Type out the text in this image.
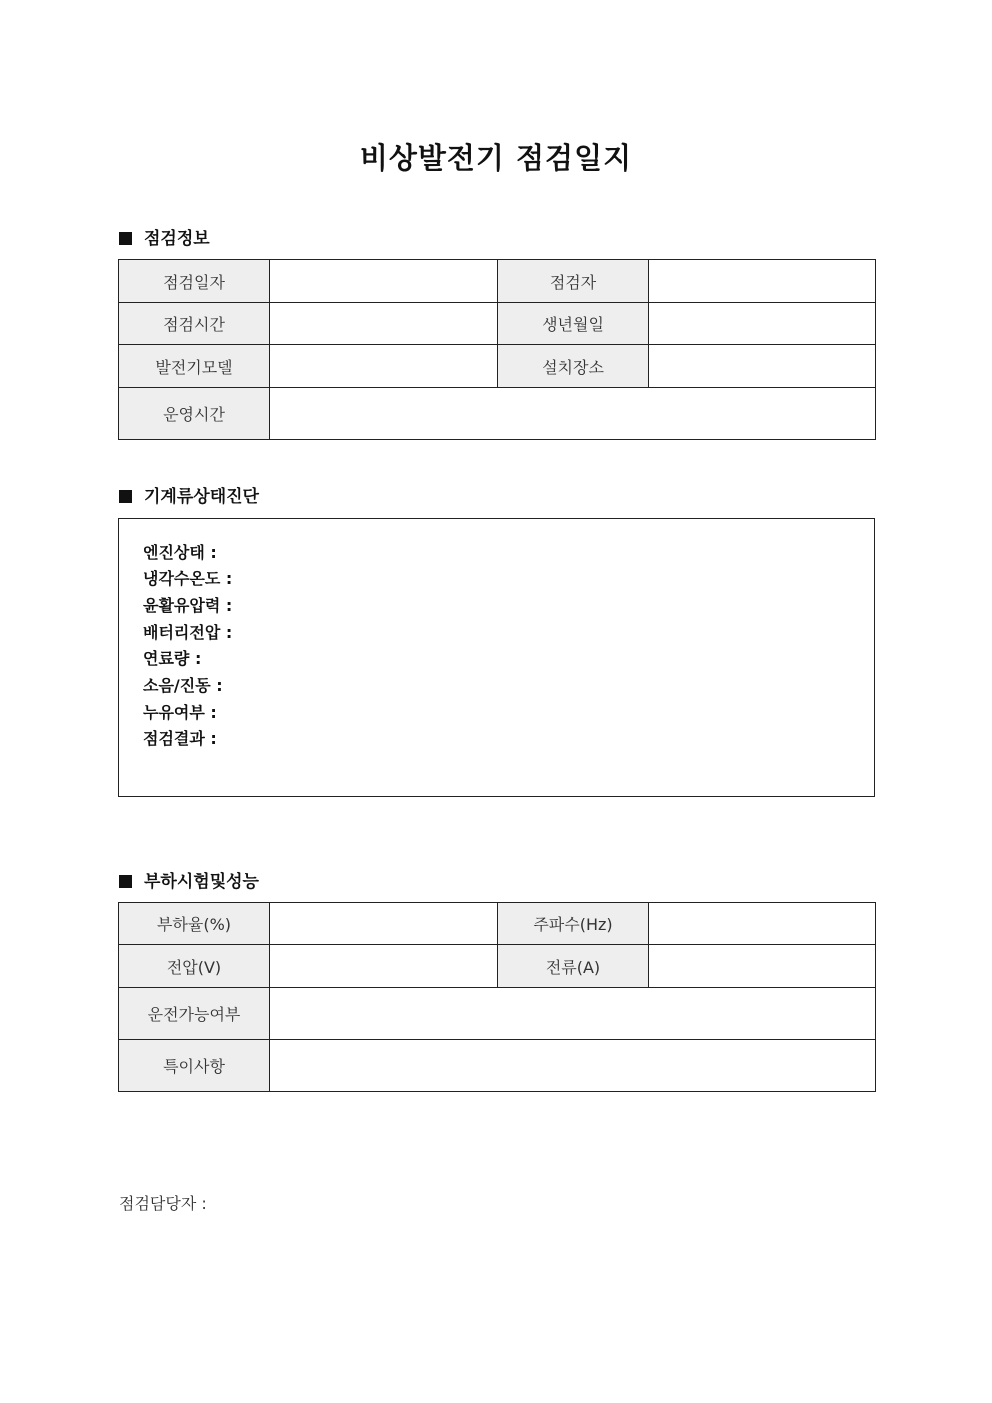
비상발전기 점검일지
점검정보
점검일자		점검자	
점검시간		생년월일	
발전기모델		설치장소	
운영시간			
기계류상태진단
엔진상태 :
냉각수온도 :
윤활유압력 :
배터리전압 :
연료량 :
소음/진동 :
누유여부 :
점검결과 :
부하시험및성능
부하율(%)		주파수(Hz)	
전압(V)		전류(A)	
운전가능여부			
특이사항			
점검담당자 :
